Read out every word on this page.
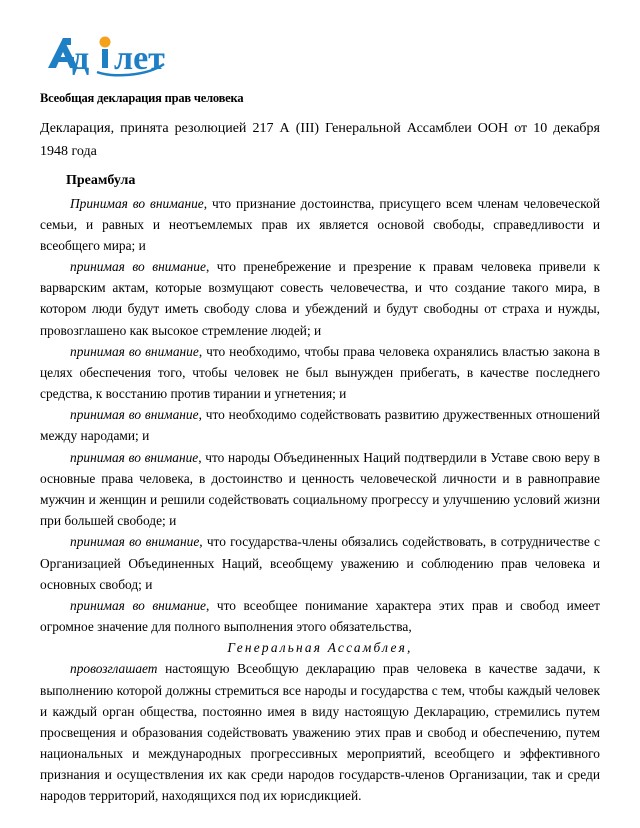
д лет
Всеобщая декларация прав человека

Декларация, принята резолюцией 217 А (III) Генеральной Ассамблеи ООН от 10 декабря 1948 года

Преамбула

Принимая во внимание, что признание достоинства, присущего всем членам человеческой семьи, и равных и неотъемлемых прав их является основой свободы, справедливости и всеобщего мира; и

принимая во внимание, что пренебрежение и презрение к правам человека привели к варварским актам, которые возмущают совесть человечества, и что создание такого мира, в котором люди будут иметь свободу слова и убеждений и будут свободны от страха и нужды, провозглашено как высокое стремление людей; и

принимая во внимание, что необходимо, чтобы права человека охранялись властью закона в целях обеспечения того, чтобы человек не был вынужден прибегать, в качестве последнего средства, к восстанию против тирании и угнетения; и

принимая во внимание, что необходимо содействовать развитию дружественных отношений между народами; и

принимая во внимание, что народы Объединенных Наций подтвердили в Уставе свою веру в основные права человека, в достоинство и ценность человеческой личности и в равноправие мужчин и женщин и решили содействовать социальному прогрессу и улучшению условий жизни при большей свободе; и

принимая во внимание, что государства-члены обязались содействовать, в сотрудничестве с Организацией Объединенных Наций, всеобщему уважению и соблюдению прав человека и основных свобод; и

принимая во внимание, что всеобщее понимание характера этих прав и свобод имеет огромное значение для полного выполнения этого обязательства,

Генеральная Ассамблея,

провозглашает настоящую Всеобщую декларацию прав человека в качестве задачи, к выполнению которой должны стремиться все народы и государства с тем, чтобы каждый человек и каждый орган общества, постоянно имея в виду настоящую Декларацию, стремились путем просвещения и образования содействовать уважению этих прав и свобод и обеспечению, путем национальных и международных прогрессивных мероприятий, всеобщего и эффективного признания и осуществления их как среди народов государств-членов Организации, так и среди народов территорий, находящихся под их юрисдикцией.
